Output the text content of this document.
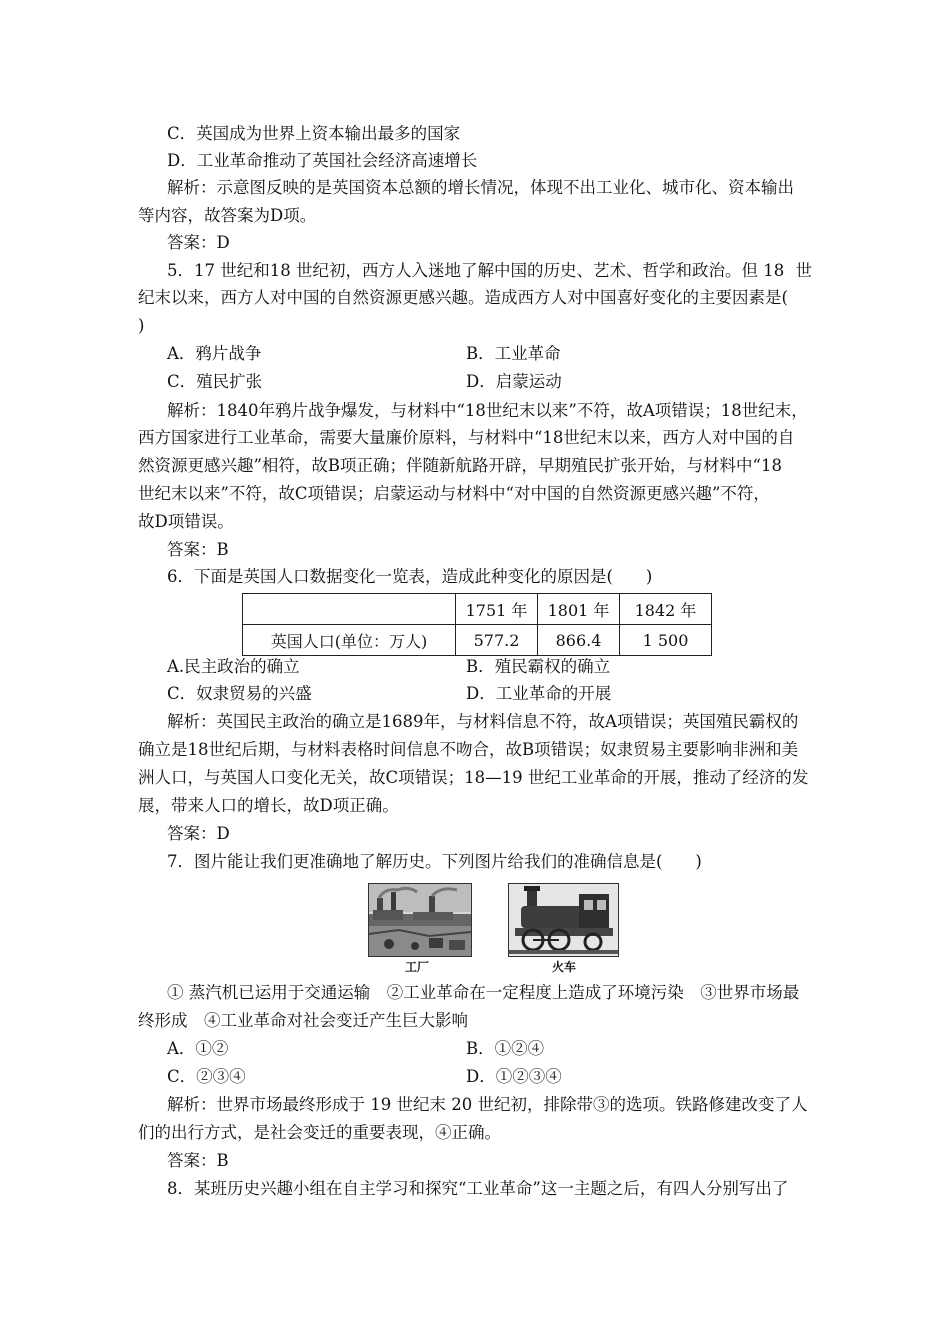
C．英国成为世界上资本输出最多的国家
D．工业革命推动了英国社会经济高速增长
解析：示意图反映的是英国资本总额的增长情况，体现不出工业化、城市化、资本输出
等内容，故答案为D项。
答案：D
5．17 世纪和18 世纪初，西方人入迷地了解中国的历史、艺术、哲学和政治。但 18 世
纪末以来，西方人对中国的自然资源更感兴趣。造成西方人对中国喜好变化的主要因素是(
)
A．鸦片战争	B．工业革命
C．殖民扩张	D．启蒙运动
解析：1840年鸦片战争爆发，与材料中“18世纪末以来”不符，故A项错误；18世纪末，
西方国家进行工业革命，需要大量廉价原料，与材料中“18世纪末以来，西方人对中国的自
然资源更感兴趣”相符，故B项正确；伴随新航路开辟，早期殖民扩张开始，与材料中“18
世纪末以来”不符，故C项错误；启蒙运动与材料中“对中国的自然资源更感兴趣”不符，
故D项错误。
答案：B
6．下面是英国人口数据变化一览表，造成此种变化的原因是(　　)
	1751 年	1801 年	1842 年
英国人口(单位：万人)	577.2	866.4	1 500
A.民主政治的确立	B．殖民霸权的确立
C．奴隶贸易的兴盛	D．工业革命的开展
解析：英国民主政治的确立是1689年，与材料信息不符，故A项错误；英国殖民霸权的
确立是18世纪后期，与材料表格时间信息不吻合，故B项错误；奴隶贸易主要影响非洲和美
洲人口，与英国人口变化无关，故C项错误；18—19 世纪工业革命的开展，推动了经济的发
展，带来人口的增长，故D项正确。
答案：D
7．图片能让我们更准确地了解历史。下列图片给我们的准确信息是(　　)
工厂	火车
① 蒸汽机已运用于交通运输　②工业革命在一定程度上造成了环境污染　③世界市场最
终形成　④工业革命对社会变迁产生巨大影响
A．①②	B．①②④
C．②③④	D．①②③④
解析：世界市场最终形成于 19 世纪末 20 世纪初，排除带③的选项。铁路修建改变了人
们的出行方式，是社会变迁的重要表现，④正确。
答案：B
8．某班历史兴趣小组在自主学习和探究“工业革命”这一主题之后，有四人分别写出了
